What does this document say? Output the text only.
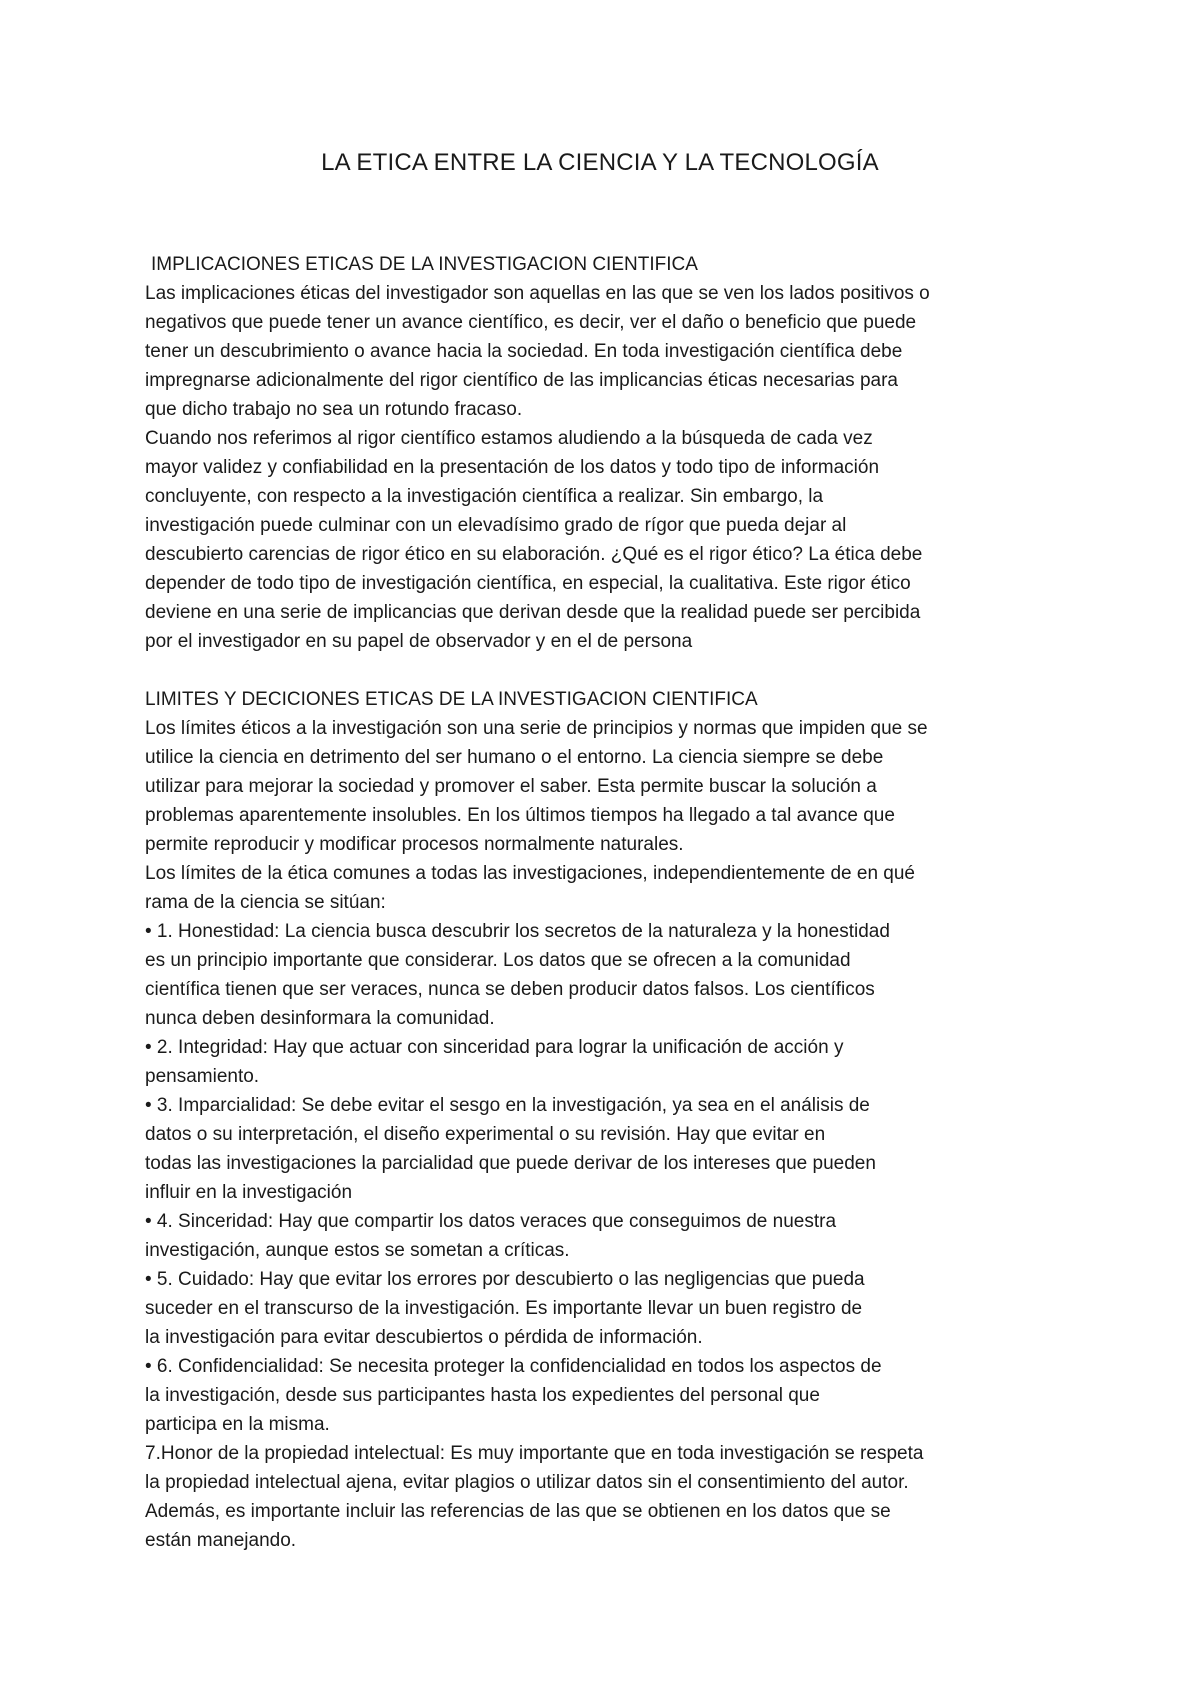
LA ETICA ENTRE LA CIENCIA Y LA TECNOLOGÍA
IMPLICACIONES ETICAS DE LA INVESTIGACION CIENTIFICA
Las implicaciones éticas del investigador son aquellas en las que se ven los lados positivos o
negativos que puede tener un avance científico, es decir, ver el daño o beneficio que puede
tener un descubrimiento o avance hacia la sociedad. En toda investigación científica debe
impregnarse adicionalmente del rigor científico de las implicancias éticas necesarias para
que dicho trabajo no sea un rotundo fracaso.
Cuando nos referimos al rigor científico estamos aludiendo a la búsqueda de cada vez
mayor validez y confiabilidad en la presentación de los datos y todo tipo de información
concluyente, con respecto a la investigación científica a realizar. Sin embargo, la
investigación puede culminar con un elevadísimo grado de rígor que pueda dejar al
descubierto carencias de rigor ético en su elaboración. ¿Qué es el rigor ético? La ética debe
depender de todo tipo de investigación científica, en especial, la cualitativa. Este rigor ético
deviene en una serie de implicancias que derivan desde que la realidad puede ser percibida
por el investigador en su papel de observador y en el de persona
LIMITES Y DECICIONES ETICAS DE LA INVESTIGACION CIENTIFICA
Los límites éticos a la investigación son una serie de principios y normas que impiden que se
utilice la ciencia en detrimento del ser humano o el entorno. La ciencia siempre se debe
utilizar para mejorar la sociedad y promover el saber. Esta permite buscar la solución a
problemas aparentemente insolubles. En los últimos tiempos ha llegado a tal avance que
permite reproducir y modificar procesos normalmente naturales.
Los límites de la ética comunes a todas las investigaciones, independientemente de en qué
rama de la ciencia se sitúan:
• 1. Honestidad: La ciencia busca descubrir los secretos de la naturaleza y la honestidad
es un principio importante que considerar. Los datos que se ofrecen a la comunidad
científica tienen que ser veraces, nunca se deben producir datos falsos. Los científicos
nunca deben desinformara la comunidad.
• 2. Integridad: Hay que actuar con sinceridad para lograr la unificación de acción y
pensamiento.
• 3. Imparcialidad: Se debe evitar el sesgo en la investigación, ya sea en el análisis de
datos o su interpretación, el diseño experimental o su revisión. Hay que evitar en
todas las investigaciones la parcialidad que puede derivar de los intereses que pueden
influir en la investigación
• 4. Sinceridad: Hay que compartir los datos veraces que conseguimos de nuestra
investigación, aunque estos se sometan a críticas.
• 5. Cuidado: Hay que evitar los errores por descubierto o las negligencias que pueda
suceder en el transcurso de la investigación. Es importante llevar un buen registro de
la investigación para evitar descubiertos o pérdida de información.
• 6. Confidencialidad: Se necesita proteger la confidencialidad en todos los aspectos de
la investigación, desde sus participantes hasta los expedientes del personal que
participa en la misma.
7.Honor de la propiedad intelectual: Es muy importante que en toda investigación se respeta
la propiedad intelectual ajena, evitar plagios o utilizar datos sin el consentimiento del autor.
Además, es importante incluir las referencias de las que se obtienen en los datos que se
están manejando.
